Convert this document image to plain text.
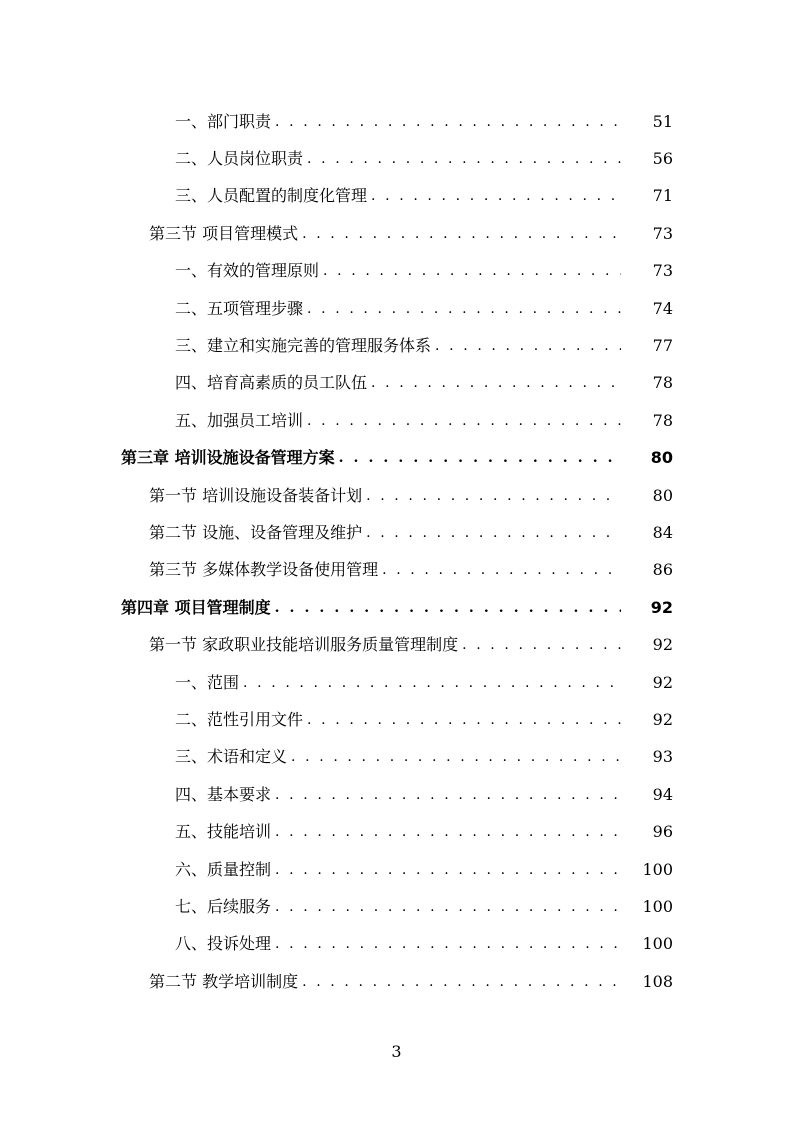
一、部门职责 . . .	51
二、人员岗位职责 . . .	56
三、人员配置的制度化管理 . . .	71
第三节 项目管理模式 . . .	73
一、有效的管理原则 . . .	73
二、五项管理步骤 . . .	74
三、建立和实施完善的管理服务体系 . . .	77
四、培育高素质的员工队伍 . . .	78
五、加强员工培训 . . .	78
第三章 培训设施设备管理方案 . . .	80
第一节 培训设施设备装备计划 . . .	80
第二节 设施、设备管理及维护 . . .	84
第三节 多媒体教学设备使用管理 . . .	86
第四章 项目管理制度 . . .	92
第一节 家政职业技能培训服务质量管理制度 . . .	92
一、范围 . . .	92
二、范性引用文件 . . .	92
三、术语和定义 . . .	93
四、基本要求 . . .	94
五、技能培训 . . .	96
六、质量控制 . . .	100
七、后续服务 . . .	100
八、投诉处理 . . .	100
第二节 教学培训制度 . . .	108
3
